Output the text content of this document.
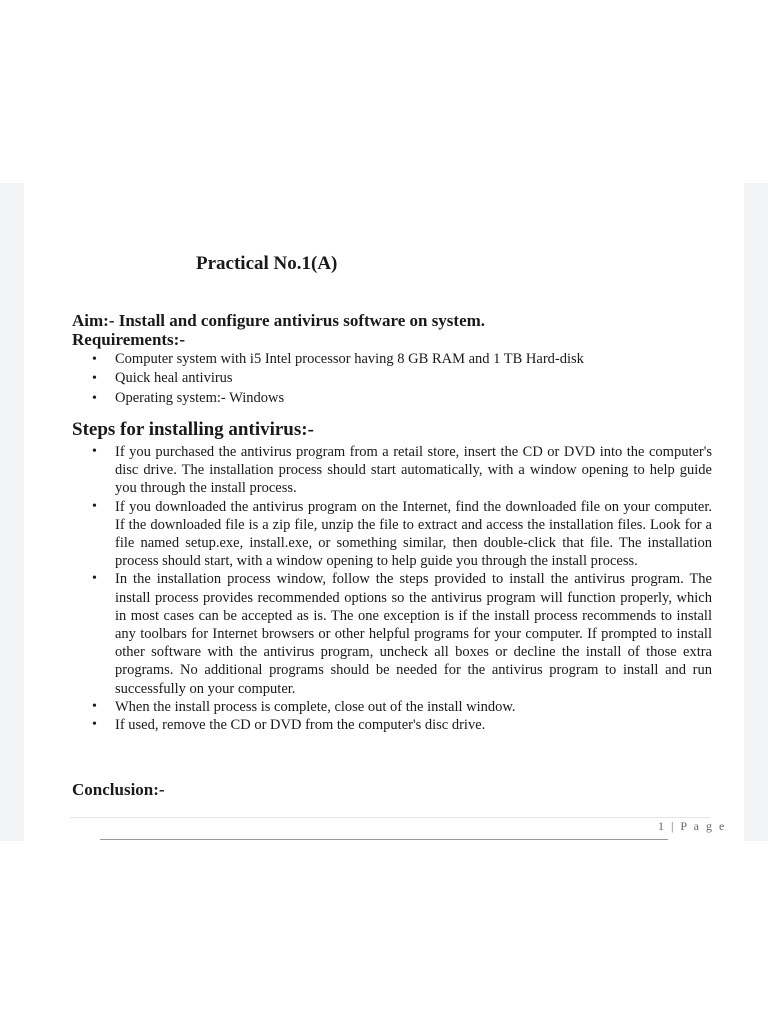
Practical No.1(A)

Aim:- Install and configure antivirus software on system.

Requirements:-

• Computer system with i5 Intel processor having 8 GB RAM and 1 TB Hard-disk
• Quick heal antivirus
• Operating system:- Windows
Steps for installing antivirus:-
• If you purchased the antivirus program from a retail store, insert the CD or DVD into the computer's disc drive. The installation process should start automatically, with a window opening to help guide you through the install process.
• If you downloaded the antivirus program on the Internet, find the downloaded file on your computer. If the downloaded file is a zip file, unzip the file to extract and access the installation files. Look for a file named setup.exe, install.exe, or something similar, then double-click that file. The installation process should start, with a window opening to help guide you through the install process.
• In the installation process window, follow the steps provided to install the antivirus program. The install process provides recommended options so the antivirus program will function properly, which in most cases can be accepted as is. The one exception is if the install process recommends to install any toolbars for Internet browsers or other helpful programs for your computer. If prompted to install other software with the antivirus program, uncheck all boxes or decline the install of those extra programs. No additional programs should be needed for the antivirus program to install and run successfully on your computer.
• When the install process is complete, close out of the install window.
• If used, remove the CD or DVD from the computer's disc drive.

Conclusion:-

1 | P a g e
